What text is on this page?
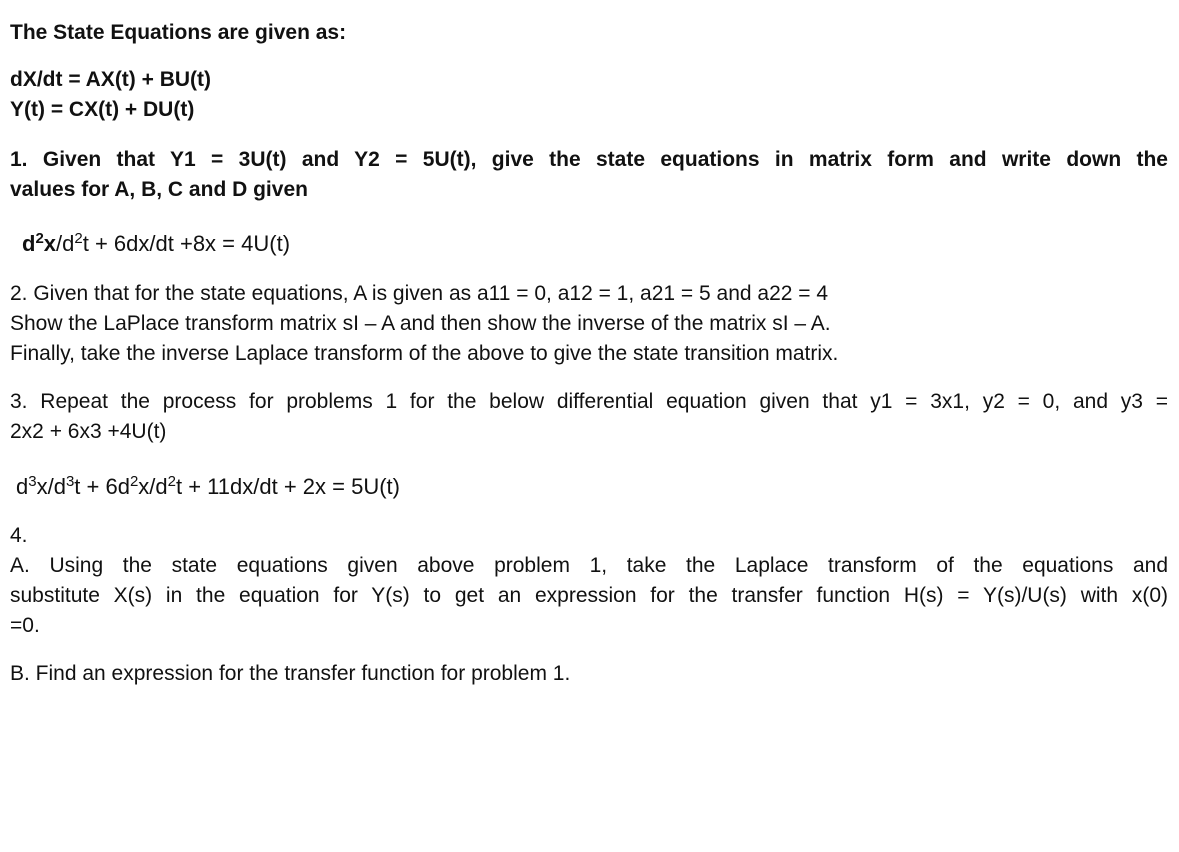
The State Equations are given as:
dX/dt = AX(t) + BU(t)
Y(t) = CX(t) + DU(t)
1. Given that Y1 = 3U(t) and Y2 = 5U(t), give the state equations in matrix form and write down the
values for A, B, C and D given
$d^2x/d^2t + 6dx/dt +8x = 4U(t)$
2. Given that for the state equations, A is given as a11 = 0, a12 = 1, a21 = 5 and a22 = 4
Show the LaPlace transform matrix sI – A and then show the inverse of the matrix sI – A.
Finally, take the inverse Laplace transform of the above to give the state transition matrix.
3. Repeat the process for problems 1 for the below differential equation given that y1 = 3x1, y2 = 0, and y3 =
2x2 + 6x3 +4U(t)
$d^3x/d^3t + 6d^2x/d^2t + 11dx/dt + 2x = 5U(t)$
4.
A. Using the state equations given above problem 1, take the Laplace transform of the equations and
substitute X(s) in the equation for Y(s) to get an expression for the transfer function H(s) = Y(s)/U(s) with x(0)
=0.
B. Find an expression for the transfer function for problem 1.
